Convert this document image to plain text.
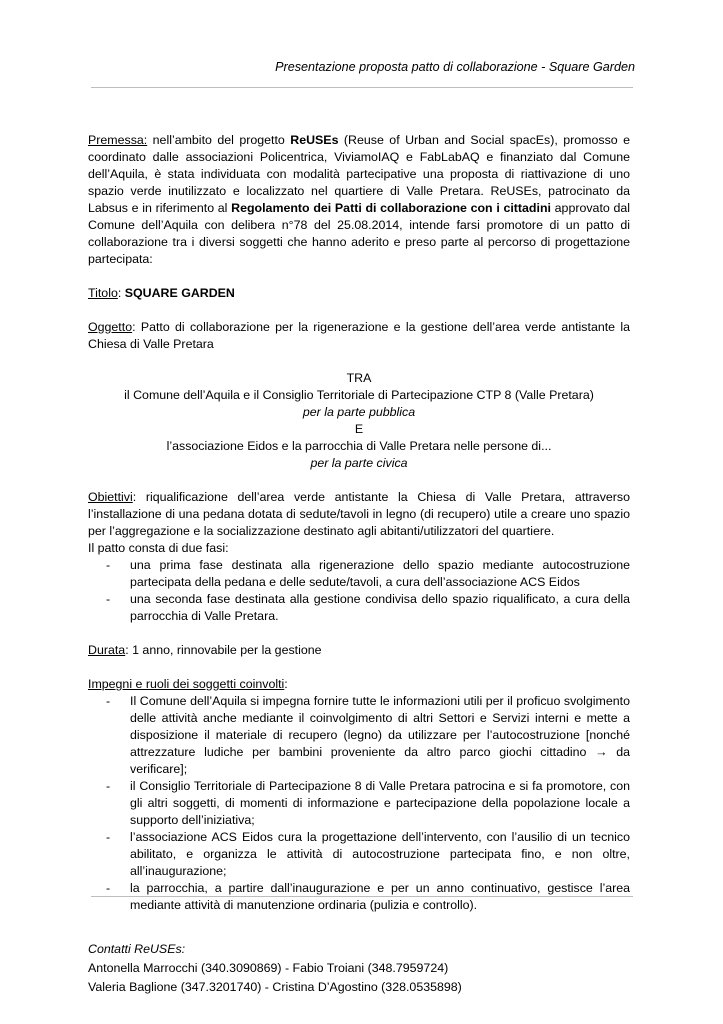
Presentazione proposta patto di collaborazione - Square Garden

Premessa: nell’ambito del progetto ReUSEs (Reuse of Urban and Social spacEs), promosso e coordinato dalle associazioni Policentrica, ViviamoIAQ e FabLabAQ e finanziato dal Comune dell’Aquila, è stata individuata con modalità partecipative una proposta di riattivazione di uno spazio verde inutilizzato e localizzato nel quartiere di Valle Pretara. ReUSEs, patrocinato da Labsus e in riferimento al Regolamento dei Patti di collaborazione con i cittadini approvato dal Comune dell’Aquila con delibera n°78 del 25.08.2014, intende farsi promotore di un patto di collaborazione tra i diversi soggetti che hanno aderito e preso parte al percorso di progettazione partecipata:

Titolo: SQUARE GARDEN

Oggetto: Patto di collaborazione per la rigenerazione e la gestione dell’area verde antistante la Chiesa di Valle Pretara

TRA

il Comune dell’Aquila e il Consiglio Territoriale di Partecipazione CTP 8 (Valle Pretara)

per la parte pubblica

E

l’associazione Eidos e la parrocchia di Valle Pretara nelle persone di...

per la parte civica

Obiettivi: riqualificazione dell’area verde antistante la Chiesa di Valle Pretara, attraverso l’installazione di una pedana dotata di sedute/tavoli in legno (di recupero) utile a creare uno spazio per l’aggregazione e la socializzazione destinato agli abitanti/utilizzatori del quartiere.

Il patto consta di due fasi:

- una prima fase destinata alla rigenerazione dello spazio mediante autocostruzione partecipata della pedana e delle sedute/tavoli, a cura dell’associazione ACS Eidos
- una seconda fase destinata alla gestione condivisa dello spazio riqualificato, a cura della parrocchia di Valle Pretara.

Durata: 1 anno, rinnovabile per la gestione

Impegni e ruoli dei soggetti coinvolti:

- Il Comune dell’Aquila si impegna fornire tutte le informazioni utili per il proficuo svolgimento delle attività anche mediante il coinvolgimento di altri Settori e Servizi interni e mette a disposizione il materiale di recupero (legno) da utilizzare per l’autocostruzione [nonché attrezzature ludiche per bambini proveniente da altro parco giochi cittadino → da verificare];
- il Consiglio Territoriale di Partecipazione 8 di Valle Pretara patrocina e si fa promotore, con gli altri soggetti, di momenti di informazione e partecipazione della popolazione locale a supporto dell’iniziativa;
- l’associazione ACS Eidos cura la progettazione dell’intervento, con l’ausilio di un tecnico abilitato, e organizza le attività di autocostruzione partecipata fino, e non oltre, all’inaugurazione;
- la parrocchia, a partire dall’inaugurazione e per un anno continuativo, gestisce l’area mediante attività di manutenzione ordinaria (pulizia e controllo).
Contatti ReUSEs:
Antonella Marrocchi (340.3090869) - Fabio Troiani (348.7959724)
Valeria Baglione (347.3201740) - Cristina D’Agostino (328.0535898)
